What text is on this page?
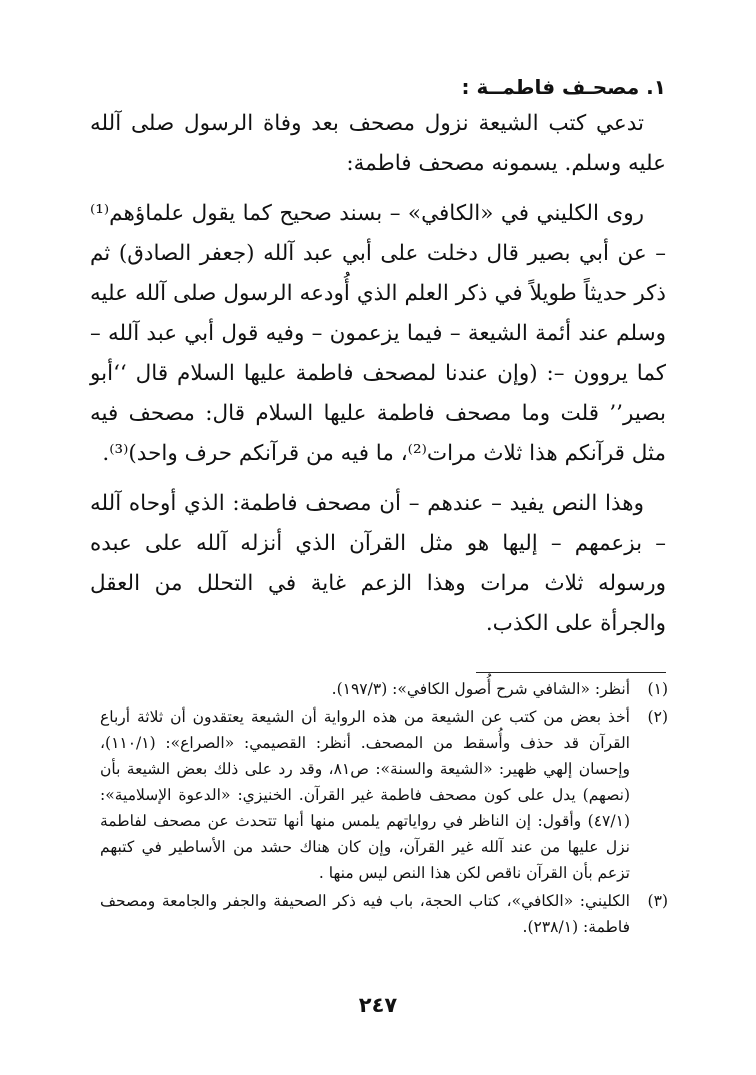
١. مصحـف فاطمــة :

تدعي كتب الشيعة نزول مصحف بعد وفاة الرسول صلى آلله عليه وسلم. يسمونه مصحف فاطمة:

روى الكليني في «الكافي» – بسند صحيح كما يقول علماؤهم⁽¹⁾ – عن أبي بصير قال دخلت على أبي عبد آلله (جعفر الصادق) ثم ذكر حديثاً طويلاً في ذكر العلم الذي أُودعه الرسول صلى آلله عليه وسلم عند أئمة الشيعة – فيما يزعمون – وفيه قول أبي عبد آلله – كما يروون –: (وإن عندنا لمصحف فاطمة عليها السلام قال ‘‘أبو بصير’’ قلت وما مصحف فاطمة عليها السلام قال: مصحف فيه مثل قرآنكم هذا ثلاث مرات⁽²⁾، ما فيه من قرآنكم حرف واحد)⁽³⁾.

وهذا النص يفيد – عندهم – أن مصحف فاطمة: الذي أوحاه آلله – بزعمهم – إليها هو مثل القرآن الذي أنزله آلله على عبده ورسوله ثلاث مرات وهذا الزعم غاية في التحلل من العقل والجرأة على الكذب.

(١)
أنظر: «الشافي شرح أُصول الكافي»: (١٩٧/٣).
(٢)
أخذ بعض من كتب عن الشيعة من هذه الرواية أن الشيعة يعتقدون أن ثلاثة أرباع القرآن قد حذف وأُسقط من المصحف. أنظر: القصيمي: «الصراع»: (١١٠/١)، وإحسان إلهي ظهير: «الشيعة والسنة»: ص٨١، وقد رد على ذلك بعض الشيعة بأن (نصهم) يدل على كون مصحف فاطمة غير القرآن. الخنيزي: «الدعوة الإسلامية»: (٤٧/١) وأقول: إن الناظر في رواياتهم يلمس منها أنها تتحدث عن مصحف لفاطمة نزل عليها من عند آلله غير القرآن، وإن كان هناك حشد من الأساطير في كتبهم تزعم بأن القرآن ناقص لكن هذا النص ليس منها .
(٣)
الكليني: «الكافي»، كتاب الحجة، باب فيه ذكر الصحيفة والجفر والجامعة ومصحف فاطمة: (٢٣٨/١).
٢٤٧
